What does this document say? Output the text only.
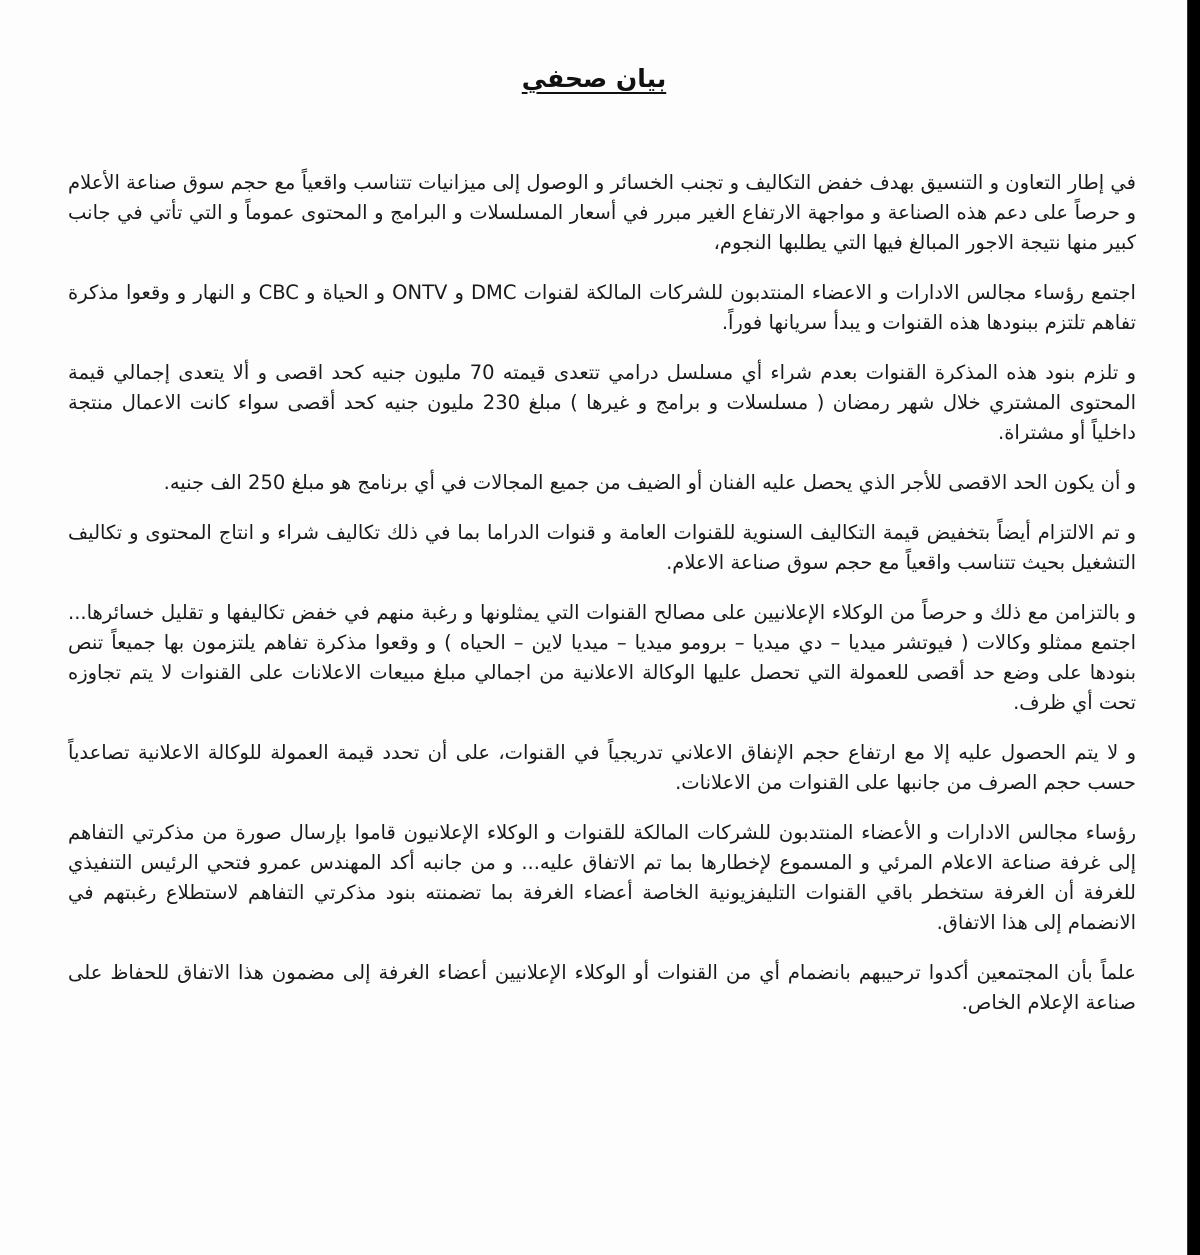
بيان صحفي

في إطار التعاون و التنسيق بهدف خفض التكاليف و تجنب الخسائر و الوصول إلى ميزانيات تتناسب واقعياً مع حجم سوق صناعة الأعلام و حرصاً على دعم هذه الصناعة و مواجهة الارتفاع الغير مبرر في أسعار المسلسلات و البرامج و المحتوى عموماً و التي تأتي في جانب كبير منها نتيجة الاجور المبالغ فيها التي يطلبها النجوم،

اجتمع رؤساء مجالس الادارات و الاعضاء المنتدبون للشركات المالكة لقنوات DMC و ONTV و الحياة و CBC و النهار و وقعوا مذكرة تفاهم تلتزم ببنودها هذه القنوات و يبدأ سريانها فوراً.

و تلزم بنود هذه المذكرة القنوات بعدم شراء أي مسلسل درامي تتعدى قيمته 70 مليون جنيه كحد اقصى و ألا يتعدى إجمالي قيمة المحتوى المشتري خلال شهر رمضان ( مسلسلات و برامج و غيرها ) مبلغ 230 مليون جنيه كحد أقصى سواء كانت الاعمال منتجة داخلياً أو مشتراة.

و أن يكون الحد الاقصى للأجر الذي يحصل عليه الفنان أو الضيف من جميع المجالات في أي برنامج هو مبلغ 250 الف جنيه.

و تم الالتزام أيضاً بتخفيض قيمة التكاليف السنوية للقنوات العامة و قنوات الدراما بما في ذلك تكاليف شراء و انتاج المحتوى و تكاليف التشغيل بحيث تتناسب واقعياً مع حجم سوق صناعة الاعلام.

و بالتزامن مع ذلك و حرصاً من الوكلاء الإعلانيين على مصالح القنوات التي يمثلونها و رغبة منهم في خفض تكاليفها و تقليل خسائرها... اجتمع ممثلو وكالات ( فيوتشر ميديا – دي ميديا – برومو ميديا – ميديا لاين – الحياه ) و وقعوا مذكرة تفاهم يلتزمون بها جميعاً تنص بنودها على وضع حد أقصى للعمولة التي تحصل عليها الوكالة الاعلانية من اجمالي مبلغ مبيعات الاعلانات على القنوات لا يتم تجاوزه تحت أي ظرف.

و لا يتم الحصول عليه إلا مع ارتفاع حجم الإنفاق الاعلاني تدريجياً في القنوات، على أن تحدد قيمة العمولة للوكالة الاعلانية تصاعدياً حسب حجم الصرف من جانبها على القنوات من الاعلانات.

رؤساء مجالس الادارات و الأعضاء المنتدبون للشركات المالكة للقنوات و الوكلاء الإعلانيون قاموا بإرسال صورة من مذكرتي التفاهم إلى غرفة صناعة الاعلام المرئي و المسموع لإخطارها بما تم الاتفاق عليه... و من جانبه أكد المهندس عمرو فتحي الرئيس التنفيذي للغرفة أن الغرفة ستخطر باقي القنوات التليفزيونية الخاصة أعضاء الغرفة بما تضمنته بنود مذكرتي التفاهم لاستطلاع رغبتهم في الانضمام إلى هذا الاتفاق.

علماً بأن المجتمعين أكدوا ترحيبهم بانضمام أي من القنوات أو الوكلاء الإعلانيين أعضاء الغرفة إلى مضمون هذا الاتفاق للحفاظ على صناعة الإعلام الخاص.
